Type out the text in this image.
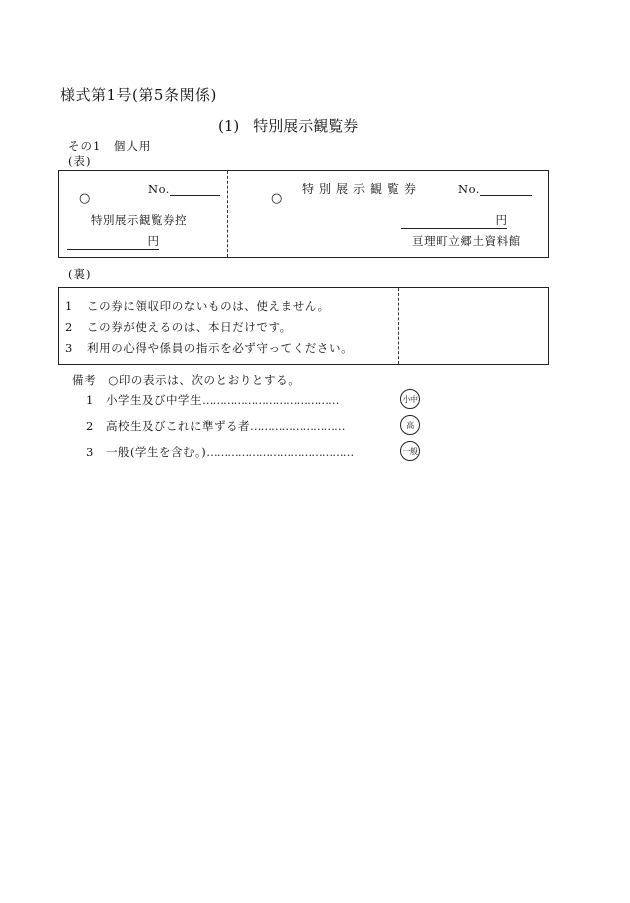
様式第1号(第5条関係)
(1) 特別展示観覧券
その1　個人用
(表)
No.
○
特別展示観覧券控
円
特別展示観覧券	No.
○
円
亘理町立郷土資料館
(裏)
1 この券に領収印のないものは、使えません。
2 この券が使えるのは、本日だけです。
3 利用の心得や係員の指示を必ず守ってください。
備考 ○印の表示は、次のとおりとする。
1 小学生及び中学生…………………………………	小中
2 高校生及びこれに準ずる者………………………	高
3 一般(学生を含む。)……………………………………	一般
